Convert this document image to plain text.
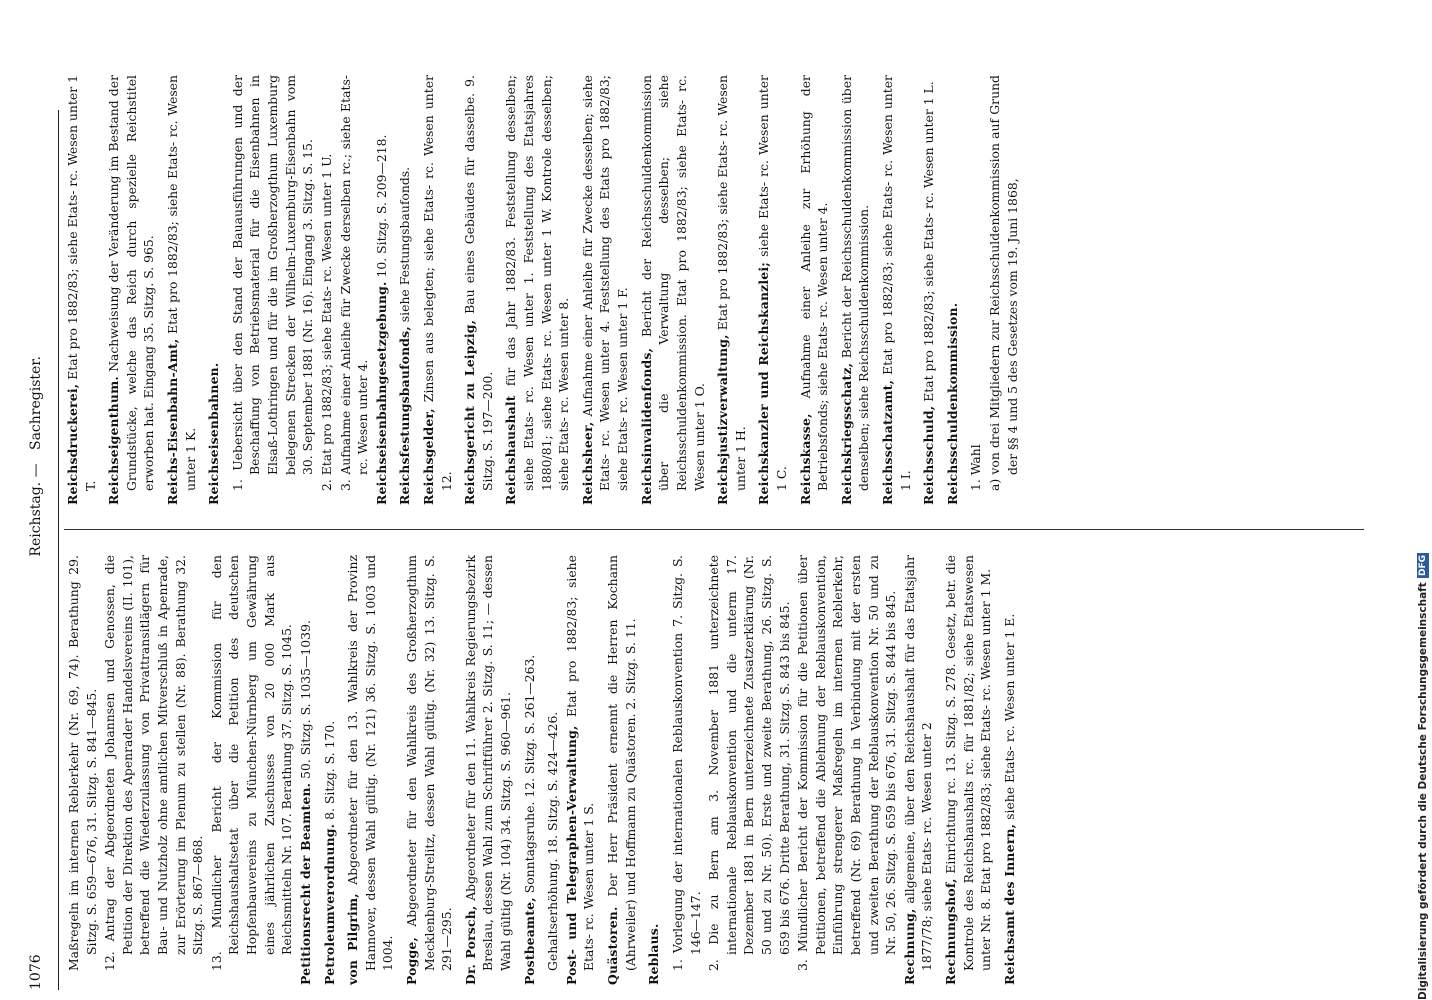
1076
Reichstag. —
Sachregister.

Maßregeln im internen Reblerkehr (Nr. 69, 74). Berathung 29. Sitzg. S. 659—676, 31. Sitzg. S. 841—845. 12. Antrag der Abgeordneten Johannsen und Genossen, die Petition der Direktion des Apenrader Handelsvereins (II. 101), betreffend die Wiederzulassung von Privattransitlägern für Bau- und Nutzholz ohne amtlichen Mitverschluß in Apenrade, zur Erörterung im Plenum zu stellen (Nr. 88). Berathung 32. Sitzg. S. 867—868. 13. Mündlicher Bericht der Kommission für den Reichshaushaltsetat über die Petition des deutschen Hopfenbauvereins zu München-Nürnberg um Gewährung eines jährlichen Zuschusses von 20 000 Mark aus Reichsmitteln Nr. 107. Berathung 37. Sitzg. S. 1045. Petitionsrecht der Beamten. 50. Sitzg. S. 1035—1039.

Petroleumverordnung. 8. Sitzg. S. 170.

von Pilgrim, Abgeordneter für den 13. Wahlkreis der Provinz Hannover, dessen Wahl gültig. (Nr. 121) 36. Sitzg. S. 1003 und 1004. Pogge, Abgeordneter für den Wahlkreis des Großherzogthum Mecklenburg-Strelitz, dessen Wahl gültig. (Nr. 32) 13. Sitzg. S. 291—295. Dr. Porsch, Abgeordneter für den 11. Wahlkreis Regierungsbezirk Breslau, dessen Wahl zum Schriftführer 2. Sitzg. S. 11; — dessen Wahl gültig (Nr. 104) 34. Sitzg. S. 960—961. Postbeamte, Sonntagsruhe. 12. Sitzg. S. 261—263. Gehaltserhöhung. 18. Sitzg. S. 424—426. Post- und Telegraphen-Verwaltung, Etat pro 1882/83; siehe Etats- rc. Wesen unter 1 S. Quästoren. Der Herr Präsident ernennt die Herren Kochann (Ahrweiler) und Hoffmann zu Quästoren. 2. Sitzg. S. 11. Reblaus. 1. Vorlegung der internationalen Reblauskonvention 7. Sitzg. S. 146—147. 2. Die zu Bern am 3. November 1881 unterzeichnete internationale Reblauskonvention und die unterm 17. Dezember 1881 in Bern unterzeichnete Zusatzerklärung (Nr. 50 und zu Nr. 50). Erste und zweite Berathung, 26. Sitzg. S. 659 bis 676. Dritte Berathung, 31. Sitzg. S. 843 bis 845. 3. Mündlicher Bericht der Kommission für die Petitionen über Petitionen, betreffend die Ablehnung der Reblauskonvention, Einführung strengerer Maßregeln im internen Reblerkehr, betreffend (Nr. 69) Berathung in Verbindung mit der ersten und zweiten Berathung der Reblauskonvention Nr. 50 und zu Nr. 50, 26. Sitzg. S. 659 bis 676, 31. Sitzg. S. 844 bis 845. Rechnung, allgemeine, über den Reichshaushalt für das Etatsjahr 1877/78; siehe Etats- rc. Wesen unter 2 Rechnungshof, Einrichtung rc. 13. Sitzg. S. 278. Gesetz, betr. die Kontrole des Reichshaushalts rc. für 1881/82; siehe Etatswesen unter Nr. 8. Etat pro 1882/83; siehe Etats- rc. Wesen unter 1 M. Reichsamt des Innern, siehe Etats- rc. Wesen unter 1 E.

Reichsdruckerei, Etat pro 1882/83; siehe Etats- rc. Wesen unter 1 T. Reichseigenthum. Nachweisung der Veränderung im Bestand der Grundstücke, welche das Reich durch spezielle Reichstitel erworben hat. Eingang 35. Sitzg. S. 965. Reichs-Eisenbahn-Amt, Etat pro 1882/83; siehe Etats- rc. Wesen unter 1 K. Reichseisenbahnen. 1. Uebersicht über den Stand der Bauausführungen und der Beschaffung von Betriebsmaterial für die Eisenbahnen in Elsaß-Lothringen und für die im Großherzogthum Luxemburg belegenen Strecken der Wilhelm-Luxemburg-Eisenbahn vom 30. September 1881 (Nr. 16). Eingang 3. Sitzg. S. 15. 2. Etat pro 1882/83; siehe Etats- rc. Wesen unter 1 U. 3. Aufnahme einer Anleihe für Zwecke derselben rc.; siehe Etats- rc. Wesen unter 4. Reichseisenbahngesetzgebung. 10. Sitzg. S. 209—218.

Reichsfestungsbaufonds, siehe Festungsbaufonds.

Reichsgelder, Zinsen aus belegten; siehe Etats- rc. Wesen unter 12. Reichsgericht zu Leipzig, Bau eines Gebäudes für dasselbe. 9. Sitzg. S. 197—200. Reichshaushalt für das Jahr 1882/83. Feststellung desselben; siehe Etats- rc. Wesen unter 1. Feststellung des Etatsjahres 1880/81; siehe Etats- rc. Wesen unter 1 W. Kontrole desselben; siehe Etats- rc. Wesen unter 8. Reichsheer, Aufnahme einer Anleihe für Zwecke desselben; siehe Etats- rc. Wesen unter 4. Feststellung des Etats pro 1882/83; siehe Etats- rc. Wesen unter 1 F. Reichsinvalidenfonds, Bericht der Reichsschuldenkommission über die Verwaltung desselben; siehe Reichsschuldenkommission. Etat pro 1882/83; siehe Etats- rc. Wesen unter 1 O. Reichsjustizverwaltung, Etat pro 1882/83; siehe Etats- rc. Wesen unter 1 H. Reichskanzler und Reichskanzlei; siehe Etats- rc. Wesen unter 1 C. Reichskasse, Aufnahme einer Anleihe zur Erhöhung der Betriebsfonds; siehe Etats- rc. Wesen unter 4. Reichskriegsschatz, Bericht der Reichsschuldenkommission über denselben; siehe Reichsschuldenkommission. Reichsschatzamt, Etat pro 1882/83; siehe Etats- rc. Wesen unter 1 I. Reichsschuld, Etat pro 1882/83; siehe Etats- rc. Wesen unter 1 L.

Reichsschuldenkommission. 1. Wahl a) von drei Mitgliedern zur Reichsschuldenkommission auf Grund der §§ 4 und 5 des Gesetzes vom 19. Juni 1868,

Digitalisierung gefördert durch die Deutsche Forschungsgemeinschaft
DFG
